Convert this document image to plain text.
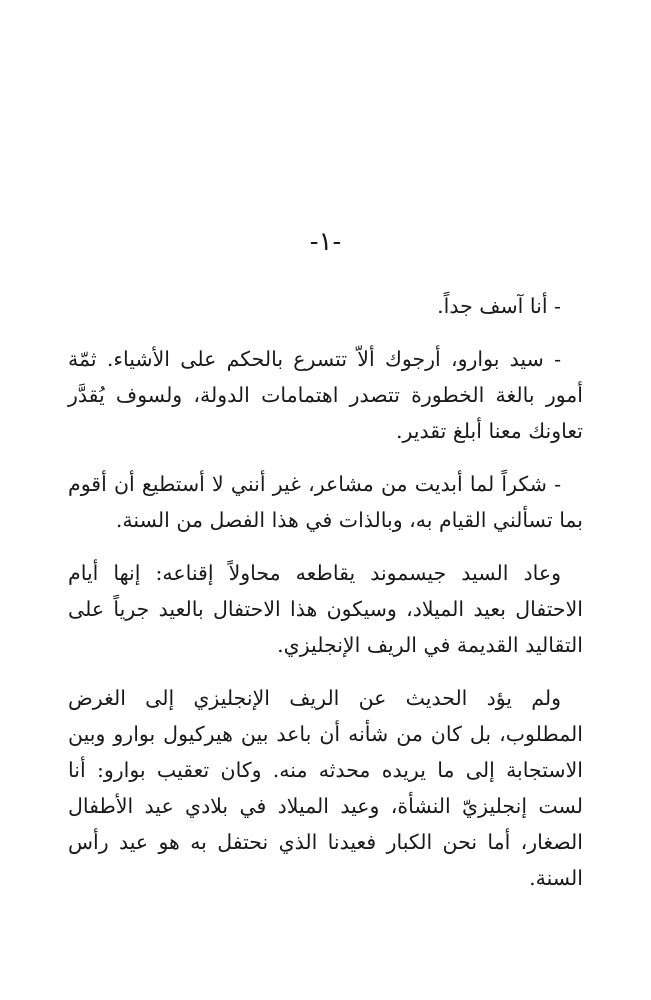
-١-

- أنا آسف جداً.

- سيد بوارو، أرجوك ألاّ تتسرع بالحكم على الأشياء. ثمّة أمور بالغة الخطورة تتصدر اهتمامات الدولة، ولسوف يُقدَّر تعاونك معنا أبلغ تقدير.

- شكراً لما أبديت من مشاعر، غير أنني لا أستطيع أن أقوم بما تسألني القيام به، وبالذات في هذا الفصل من السنة.

وعاد السيد جيسموند يقاطعه محاولاً إقناعه: إنها أيام الاحتفال بعيد الميلاد، وسيكون هذا الاحتفال بالعيد جرياً على التقاليد القديمة في الريف الإنجليزي.

ولم يؤد الحديث عن الريف الإنجليزي إلى الغرض المطلوب، بل كان من شأنه أن باعد بين هيركيول بوارو وبين الاستجابة إلى ما يريده محدثه منه. وكان تعقيب بوارو: أنا لست إنجليزيّ النشأة، وعيد الميلاد في بلادي عيد الأطفال الصغار، أما نحن الكبار فعيدنا الذي نحتفل به هو عيد رأس السنة.
